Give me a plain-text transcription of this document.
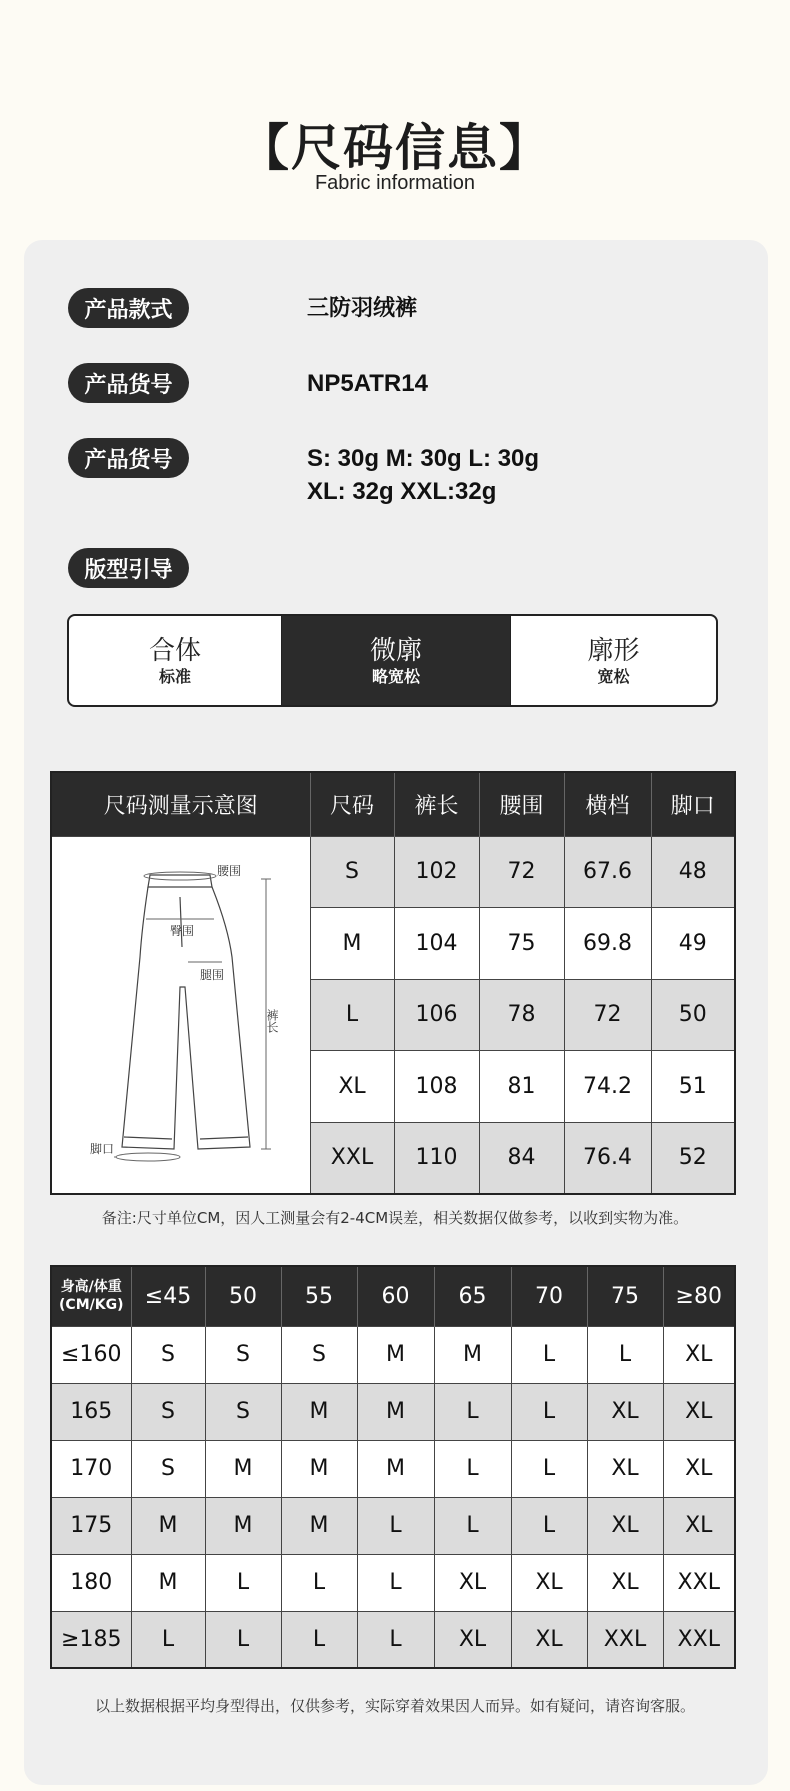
【尺码信息】
Fabric information
产品款式	三防羽绒裤
产品货号	NP5ATR14
产品货号	S: 30g M: 30g L: 30g
XL: 32g XXL:32g
版型引导
合体
标准
微廓
略宽松
廓形
宽松
尺码测量示意图	尺码	裤长	腰围	横档	脚口

腰围
臀围
腿围
裤长
脚口	S	102	72	67.6	48
	M	104	75	69.8	49
	L	106	78	72	50
	XL	108	81	74.2	51
	XXL	110	84	76.4	52
备注:尺寸单位CM，因人工测量会有2-4CM误差，相关数据仅做参考，以收到实物为准。
身高/体重
(CM/KG)	≤45	50	55	60	65	70	75	≥80
≤160	S	S	S	M	M	L	L	XL
165	S	S	M	M	L	L	XL	XL
170	S	M	M	M	L	L	XL	XL
175	M	M	M	L	L	L	XL	XL
180	M	L	L	L	XL	XL	XL	XXL
≥185	L	L	L	L	XL	XL	XXL	XXL
以上数据根据平均身型得出，仅供参考，实际穿着效果因人而异。如有疑问，请咨询客服。
